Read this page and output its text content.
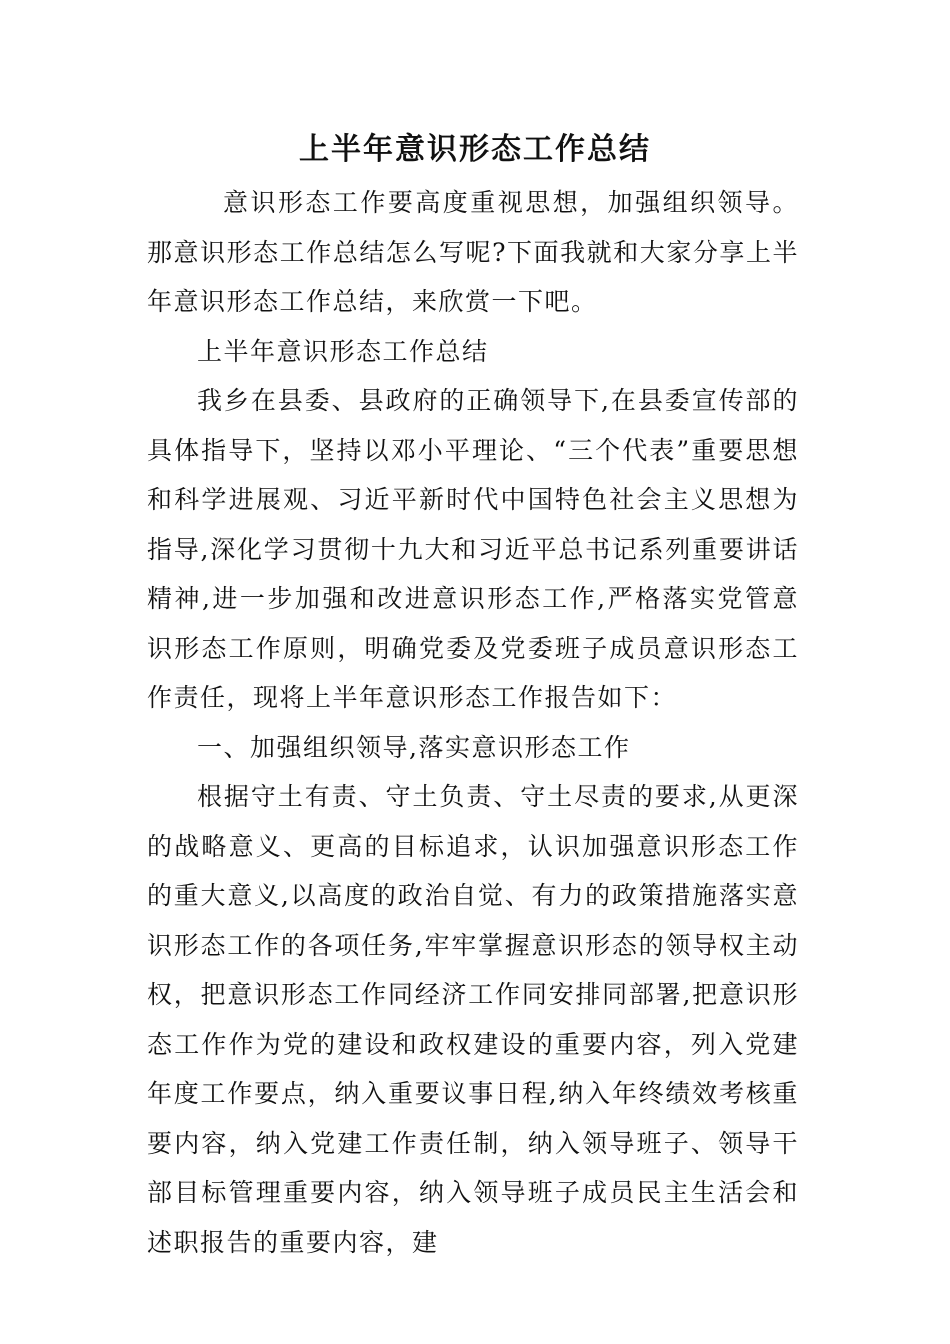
上半年意识形态工作总结

意识形态工作要高度重视思想，加强组织领导。那意识形态工作总结怎么写呢?下面我就和大家分享上半年意识形态工作总结，来欣赏一下吧。

上半年意识形态工作总结

我乡在县委、县政府的正确领导下,在县委宣传部的具体指导下，坚持以邓小平理论、“三个代表”重要思想和科学进展观、习近平新时代中国特色社会主义思想为指导,深化学习贯彻十九大和习近平总书记系列重要讲话精神,进一步加强和改进意识形态工作,严格落实党管意识形态工作原则，明确党委及党委班子成员意识形态工作责任，现将上半年意识形态工作报告如下：

一、加强组织领导,落实意识形态工作

根据守土有责、守土负责、守土尽责的要求,从更深的战略意义、更高的目标追求，认识加强意识形态工作的重大意义,以高度的政治自觉、有力的政策措施落实意识形态工作的各项任务,牢牢掌握意识形态的领导权主动权，把意识形态工作同经济工作同安排同部署,把意识形态工作作为党的建设和政权建设的重要内容，列入党建年度工作要点，纳入重要议事日程,纳入年终绩效考核重要内容，纳入党建工作责任制，纳入领导班子、领导干部目标管理重要内容，纳入领导班子成员民主生活会和述职报告的重要内容，建
